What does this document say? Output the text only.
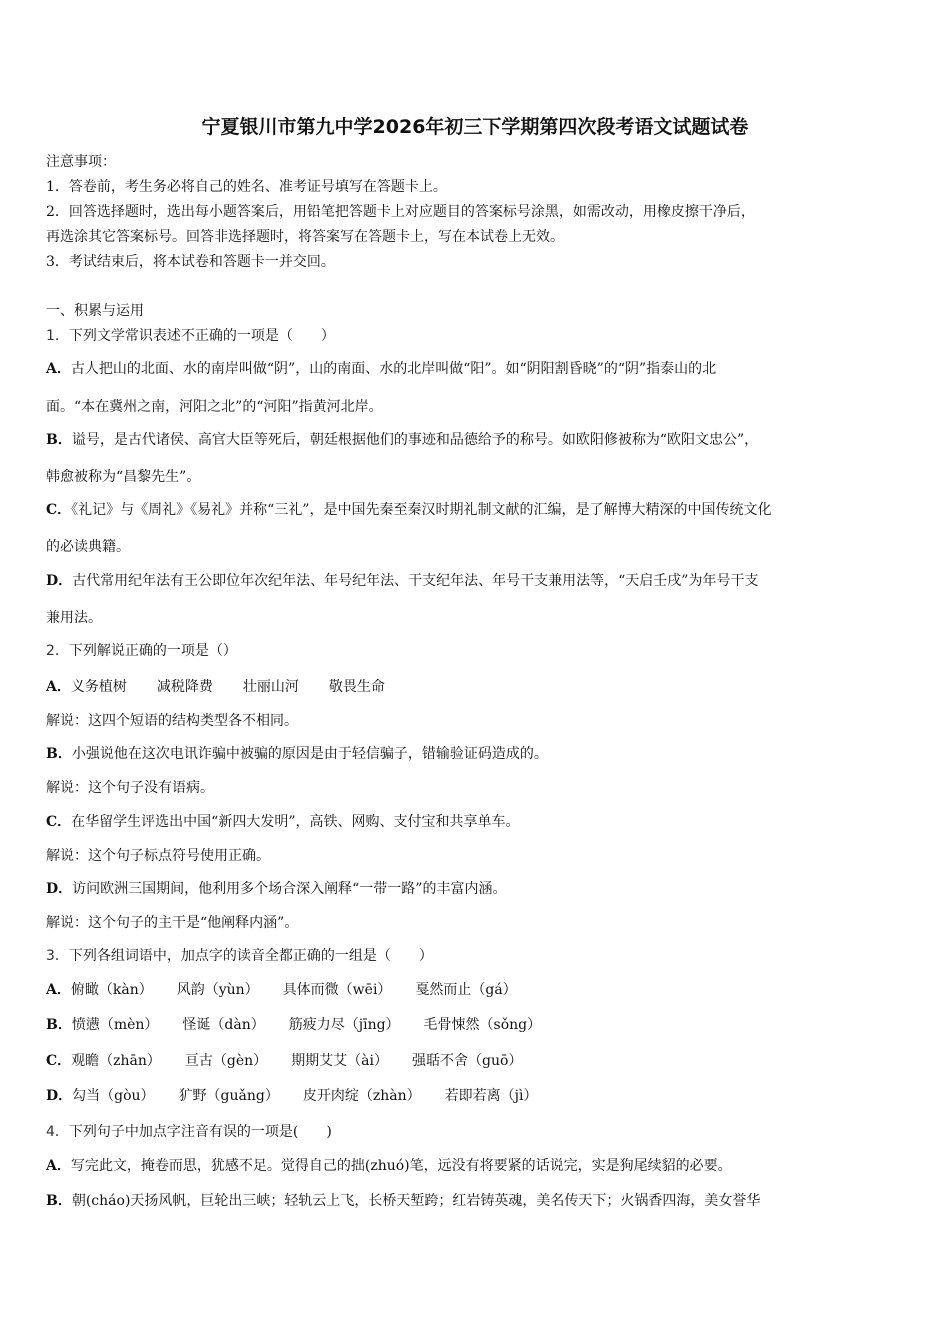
宁夏银川市第九中学2026年初三下学期第四次段考语文试题试卷
注意事项：
1．答卷前，考生务必将自己的姓名、准考证号填写在答题卡上。
2．回答选择题时，选出每小题答案后，用铅笔把答题卡上对应题目的答案标号涂黑，如需改动，用橡皮擦干净后，
再选涂其它答案标号。回答非选择题时，将答案写在答题卡上，写在本试卷上无效。
3．考试结束后，将本试卷和答题卡一并交回。
一、积累与运用
1．下列文学常识表述不正确的一项是（　　）
A．古人把山的北面、水的南岸叫做“阴”，山的南面、水的北岸叫做“阳”。如“阴阳割昏晓”的“阴”指泰山的北
面。“本在冀州之南，河阳之北”的“河阳”指黄河北岸。
B．谥号，是古代诸侯、高官大臣等死后，朝廷根据他们的事迹和品德给予的称号。如欧阳修被称为“欧阳文忠公”，
韩愈被称为“昌黎先生”。
C．《礼记》与《周礼》《易礼》并称“三礼”，是中国先秦至秦汉时期礼制文献的汇编，是了解博大精深的中国传统文化
的必读典籍。
D．古代常用纪年法有王公即位年次纪年法、年号纪年法、干支纪年法、年号干支兼用法等，“天启壬戌”为年号干支
兼用法。
2．下列解说正确的一项是（）
A．义务植树 减税降费 壮丽山河 敬畏生命
解说：这四个短语的结构类型各不相同。
B．小强说他在这次电讯诈骗中被骗的原因是由于轻信骗子，错输验证码造成的。
解说：这个句子没有语病。
C．在华留学生评选出中国“新四大发明”，高铁、网购、支付宝和共享单车。
解说：这个句子标点符号使用正确。
D．访问欧洲三国期间，他利用多个场合深入阐释“一带一路”的丰富内涵。
解说：这个句子的主干是“他阐释内涵”。
3．下列各组词语中，加点字的读音全都正确的一组是（　　）
A．俯瞰（kàn） 风韵（yùn） 具体而微（wēi） 戛然而止（gá）
B．愤懑（mèn） 怪诞（dàn） 筋疲力尽（jīng） 毛骨悚然（sǒng）
C．观瞻（zhān） 亘古（gèn） 期期艾艾（ài） 强聒不舍（guō）
D．勾当（gòu） 犷野（guǎng） 皮开肉绽（zhàn） 若即若离（jì）
4．下列句子中加点字注音有误的一项是(　　)
A．写完此文，掩卷而思，犹感不足。觉得自己的拙(zhuó)笔，远没有将要紧的话说完，实是狗尾续貂的必要。
B．朝(cháo)天扬风帆，巨轮出三峡；轻轨云上飞，长桥天堑跨；红岩铸英魂，美名传天下；火锅香四海，美女誉华
